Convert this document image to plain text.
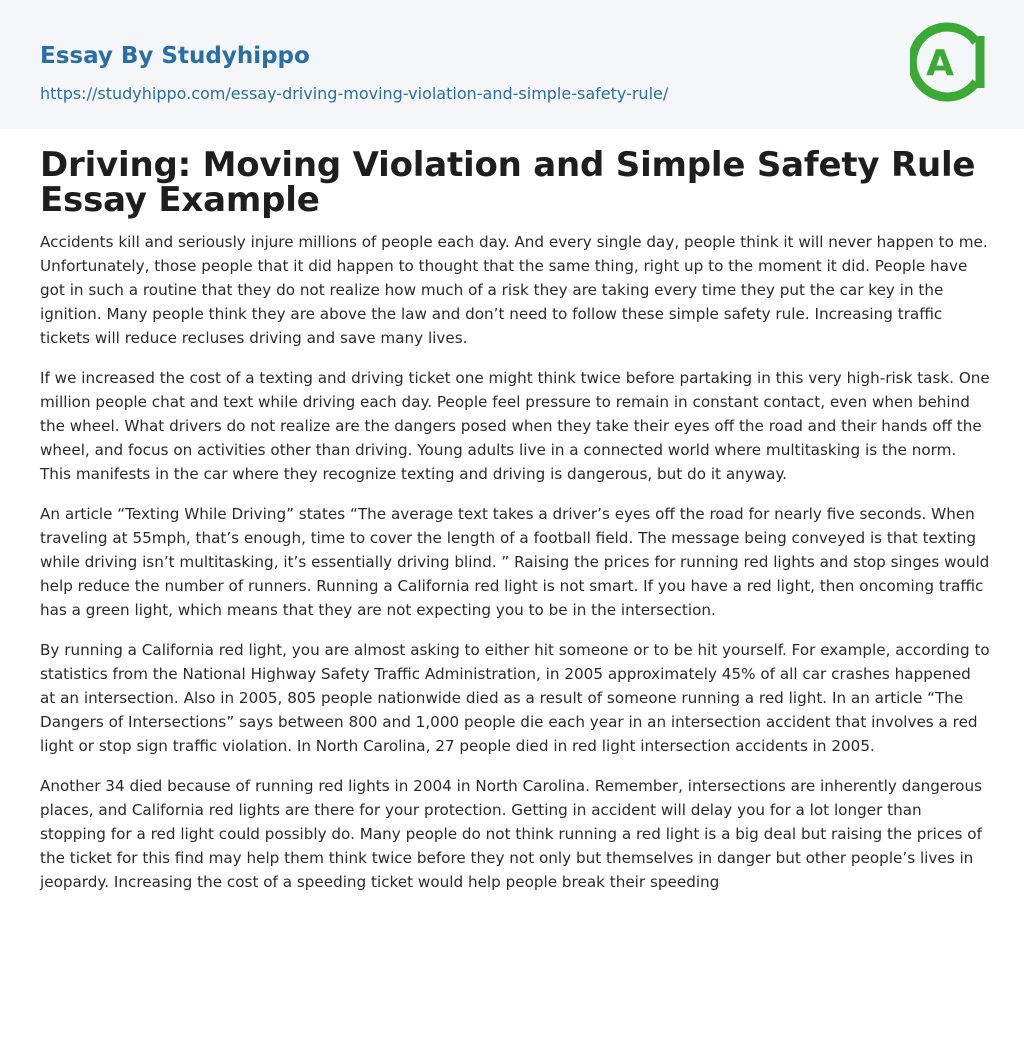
Essay By Studyhippo
https://studyhippo.com/essay-driving-moving-violation-and-simple-safety-rule/
A
Driving: Moving Violation and Simple Safety Rule Essay Example

Accidents kill and seriously injure millions of people each day. And every single day, people think it will never happen to me. Unfortunately, those people that it did happen to thought that the same thing, right up to the moment it did. People have got in such a routine that they do not realize how much of a risk they are taking every time they put the car key in the ignition. Many people think they are above the law and don’t need to follow these simple safety rule. Increasing traffic tickets will reduce recluses driving and save many lives.

If we increased the cost of a texting and driving ticket one might think twice before partaking in this very high-risk task. One million people chat and text while driving each day. People feel pressure to remain in constant contact, even when behind the wheel. What drivers do not realize are the dangers posed when they take their eyes off the road and their hands off the wheel, and focus on activities other than driving. Young adults live in a connected world where multitasking is the norm. This manifests in the car where they recognize texting and driving is dangerous, but do it anyway.

An article “Texting While Driving” states “The average text takes a driver’s eyes off the road for nearly five seconds. When traveling at 55mph, that’s enough, time to cover the length of a football field. The message being conveyed is that texting while driving isn’t multitasking, it’s essentially driving blind. ” Raising the prices for running red lights and stop singes would help reduce the number of runners. Running a California red light is not smart. If you have a red light, then oncoming traffic has a green light, which means that they are not expecting you to be in the intersection.

By running a California red light, you are almost asking to either hit someone or to be hit yourself. For example, according to statistics from the National Highway Safety Traffic Administration, in 2005 approximately 45% of all car crashes happened at an intersection. Also in 2005, 805 people nationwide died as a result of someone running a red light. In an article “The Dangers of Intersections” says between 800 and 1,000 people die each year in an intersection accident that involves a red light or stop sign traffic violation. In North Carolina, 27 people died in red light intersection accidents in 2005.

Another 34 died because of running red lights in 2004 in North Carolina. Remember, intersections are inherently dangerous places, and California red lights are there for your protection. Getting in accident will delay you for a lot longer than stopping for a red light could possibly do. Many people do not think running a red light is a big deal but raising the prices of the ticket for this find may help them think twice before they not only but themselves in danger but other people’s lives in jeopardy. Increasing the cost of a speeding ticket would help people break their speeding
